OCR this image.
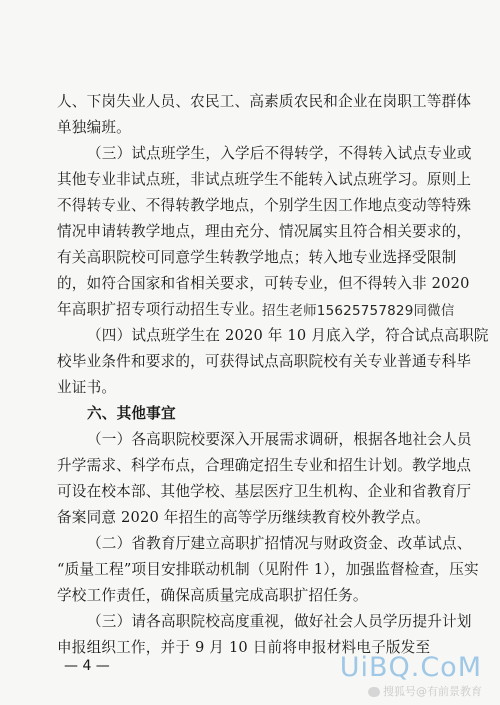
人、下岗失业人员、农民工、高素质农民和企业在岗职工等群体
单独编班。
（三）试点班学生，入学后不得转学，不得转入试点专业或
其他专业非试点班，非试点班学生不能转入试点班学习。原则上
不得转专业、不得转教学地点，个别学生因工作地点变动等特殊
情况申请转教学地点，理由充分、情况属实且符合相关要求的，
有关高职院校可同意学生转教学地点；转入地专业选择受限制
的，如符合国家和省相关要求，可转专业，但不得转入非 2020
年高职扩招专项行动招生专业。
招生老师15625757829同微信
（四）试点班学生在 2020 年 10 月底入学，符合试点高职院
校毕业条件和要求的，可获得试点高职院校有关专业普通专科毕
业证书。
六、其他事宜
（一）各高职院校要深入开展需求调研，根据各地社会人员
升学需求、科学布点，合理确定招生专业和招生计划。教学地点
可设在校本部、其他学校、基层医疗卫生机构、企业和省教育厅
备案同意 2020 年招生的高等学历继续教育校外教学点。
（二）省教育厅建立高职扩招情况与财政资金、改革试点、
“质量工程”项目安排联动机制（见附件 1），加强监督检查，压实
学校工作责任，确保高质量完成高职扩招任务。
（三）请各高职院校高度重视，做好社会人员学历提升计划
申报组织工作，并于 9 月 10 日前将申报材料电子版发至
— 4 —	UiBQ.CoM
搜狐号@有前景教育
